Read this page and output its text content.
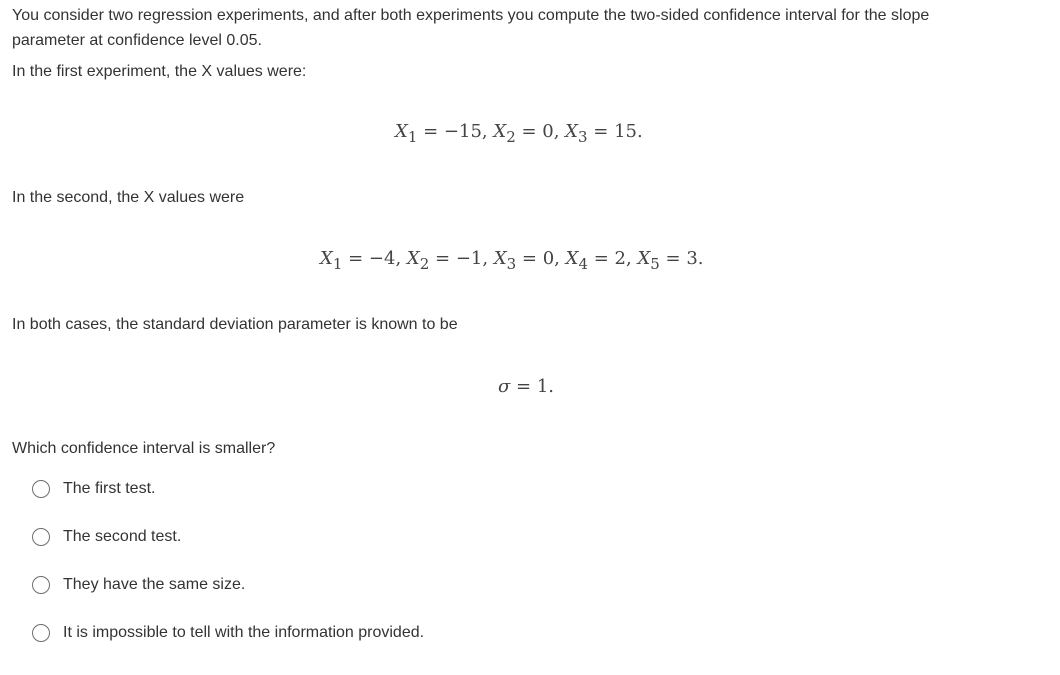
You consider two regression experiments, and after both experiments you compute the two-sided confidence interval for the slope
parameter at confidence level 0.05.
In the first experiment, the X values were:
$X_1 = -15$, $X_2 = 0$, $X_3 = 15$.
In the second, the X values were
$X_1 = -4$, $X_2 = -1$, $X_3 = 0$, $X_4 = 2$, $X_5 = 3$.
In both cases, the standard deviation parameter is known to be
σ = 1.
Which confidence interval is smaller?
The first test.
The second test.
They have the same size.
It is impossible to tell with the information provided.
